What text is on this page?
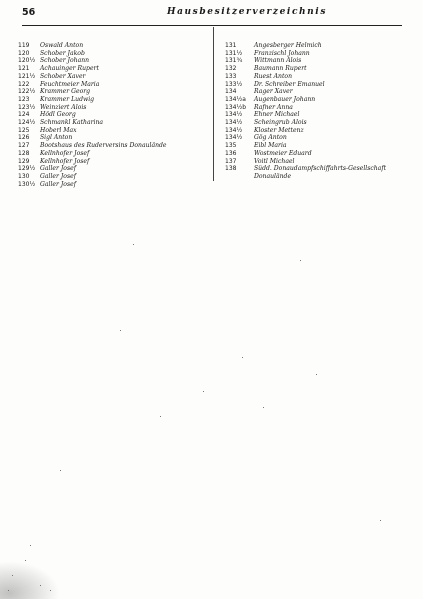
56	Hausbesitzerverzeichnis
119	Oswald Anton
120	Schober Jakob
120½ Schober Johann
121	Achauinger Rupert
121½ Schober Xaver
122	Feuchtmeier Maria
122½ Krammer Georg
123	Krammer Ludwig
123½ Weinziert Alois
124	Hödl Georg
124½ Schmankl Katharina
125	Hoberl Max
126	Sigl Anton
127	Bootshaus des Ruderversins Donaulände
128	Kellnhofer Josef
129	Kellnhofer Josef
129½ Galler Josef
130	Galler Josef
130½ Galler Josef
131	Angesberger Helmich
131½	Franzischl Johann
131¾	Wittmann Alois
132	Baumann Rupert
133	Ruest Anton
133½	Dr. Schreiber Emanuel
134	Rager Xaver
134½a	Augenbauer Johann
134½b	Rafner Anna
134½	Ehner Michael
134½	Scheingrub Alois
134½	Kloster Mettenz
134½	Gög Anton
135	Eibl Maria
136	Wostmeier Eduard
137	Voitl Michael
138	Südd. Donaudampfschiffahrts-Gesellschaft Donaulände
